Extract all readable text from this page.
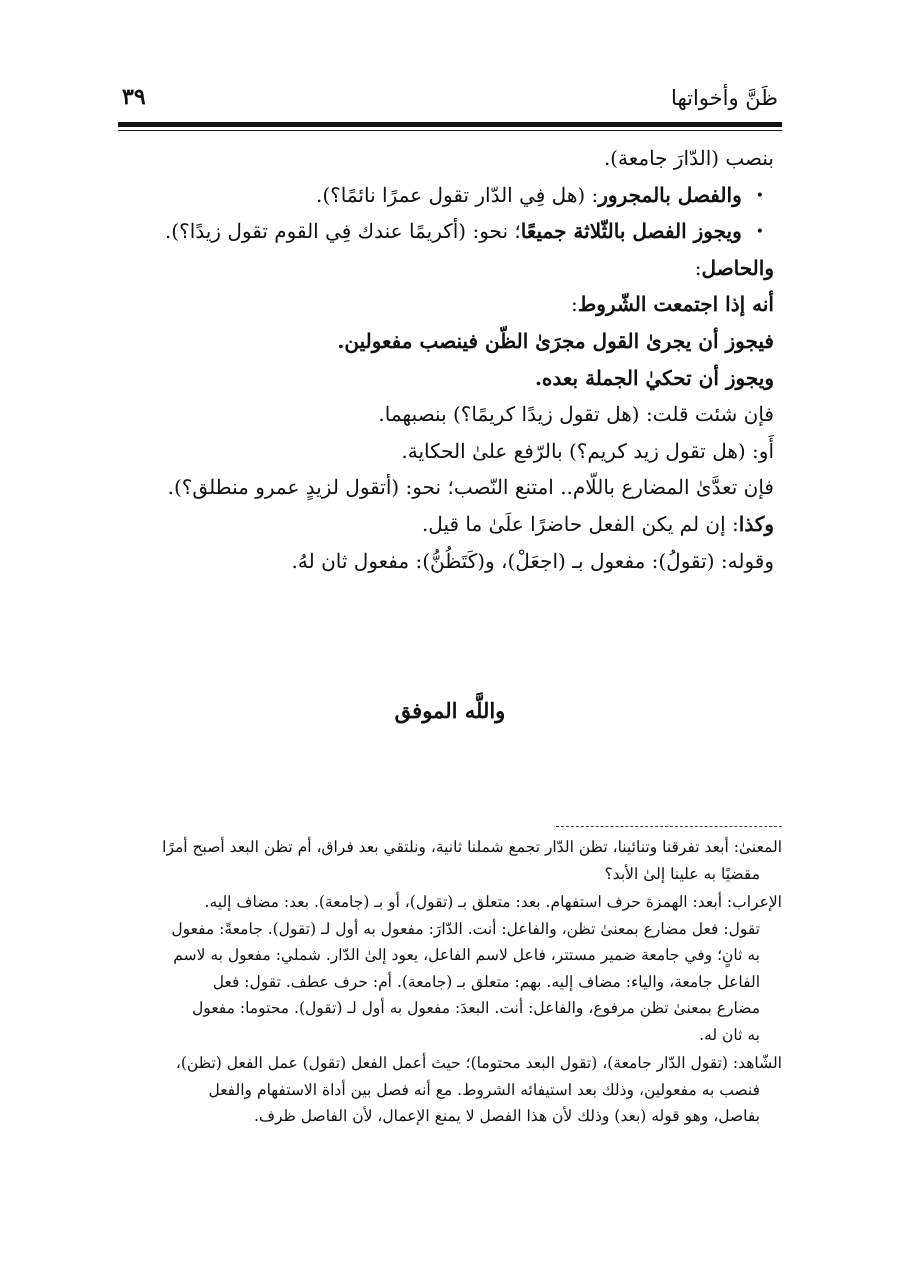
ظَنَّ وأخواتها
٣٩
بنصب (الدّارَ جامعة).
•والفصل بالمجرور: (هل فِي الدّار تقول عمرًا نائمًا؟).
•ويجوز الفصل بالثّلاثة جميعًا؛ نحو: (أكريمًا عندك فِي القوم تقول زيدًا؟).
والحاصل:
أنه إذا اجتمعت الشّروط:
فيجوز أن يجرىٰ القول مجرَىٰ الظّن فينصب مفعولين.
ويجوز أن تحكيٰ الجملة بعده.
فإن شئت قلت: (هل تقول زيدًا كريمًا؟) بنصبهما.
أَو: (هل تقول زيد كريم؟) بالرّفع علىٰ الحكاية.
فإن تعدَّىٰ المضارع باللّام.. امتنع النّصب؛ نحو: (أتقول لزيدٍ عمرو منطلق؟).
وكذا: إن لم يكن الفعل حاضرًا علَىٰ ما قيل.
وقوله: (تقولُ): مفعول بـ (اجعَلْ)، و(كَتَظُنُّ): مفعول ثان لهُ.
واللَّه الموفق
المعنىٰ: أبعد تفرقنا وتنائينا، تظن الدّار تجمع شملنا ثانية، ونلتقي بعد فراق، أم تظن البعد أصبح أمرًا
مقضيًا به علينا إلىٰ الأبد؟
الإعراب: أبعد: الهمزة حرف استفهام. بعد: متعلق بـ (تقول)، أو بـ (جامعة). بعد: مضاف إليه.
تقول: فعل مضارع بمعنىٰ تظن، والفاعل: أنت. الدّارَ: مفعول به أول لـ (تقول). جامعةً: مفعول
به ثانٍ؛ وفي جامعة ضمير مستتر، فاعل لاسم الفاعل، يعود إلىٰ الدّار. شملي: مفعول به لاسم
الفاعل جامعة، والياء: مضاف إليه. بهم: متعلق بـ (جامعة). أم: حرف عطف. تقول: فعل
مضارع بمعنىٰ تظن مرفوع، والفاعل: أنت. البعدَ: مفعول به أول لـ (تقول). محتوما: مفعول
به ثان له.
الشّاهد: (تقول الدّار جامعة)، (تقول البعد محتوما)؛ حيث أعمل الفعل (تقول) عمل الفعل (تظن)،
فنصب به مفعولين، وذلك بعد استيفائه الشروط. مع أنه فصل بين أداة الاستفهام والفعل
بفاصل، وهو قوله (بعد) وذلك لأن هذا الفصل لا يمنع الإعمال، لأن الفاصل ظرف.
